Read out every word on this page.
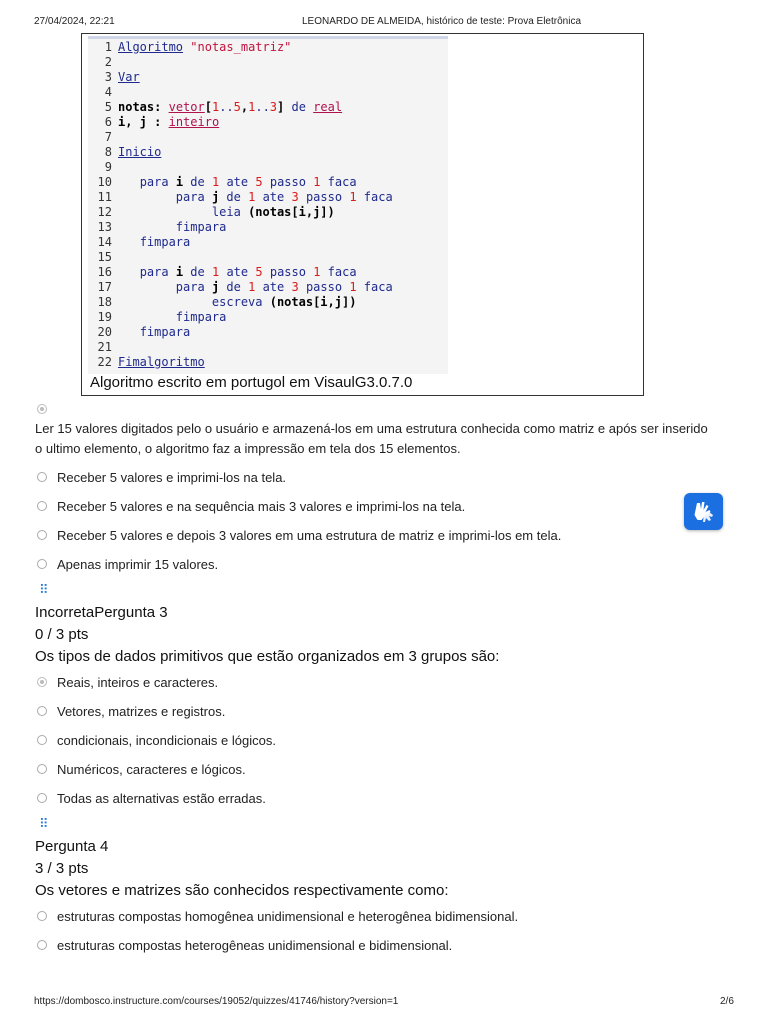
27/04/2024, 22:21	LEONARDO DE ALMEIDA, histórico de teste: Prova Eletrônica
1 Algoritmo "notas_matriz"
2
3 Var
4
5 notas: vetor[1..5,1..3] de real
6 i, j : inteiro
7
8 Inicio
9
10 para i de 1 ate 5 passo 1 faca
11	para j de 1 ate 3 passo 1 faca
12	leia (notas[i,j])
13	fimpara
14 fimpara
15
16 para i de 1 ate 5 passo 1 faca
17	para j de 1 ate 3 passo 1 faca
18	escreva (notas[i,j])
19	fimpara
20 fimpara
21
22 Fimalgoritmo
Algoritmo escrito em portugol em VisaulG3.0.7.0
Ler 15 valores digitados pelo o usuário e armazená-los em uma estrutura conhecida como matriz e após ser inserido o ultimo elemento, o algoritmo faz a impressão em tela dos 15 elementos.
Receber 5 valores e imprimi-los na tela.
Receber 5 valores e na sequência mais 3 valores e imprimi-los na tela.
Receber 5 valores e depois 3 valores em uma estrutura de matriz e imprimi-los em tela.
Apenas imprimir 15 valores.
⠿
IncorretaPergunta 3
0 / 3 pts
Os tipos de dados primitivos que estão organizados em 3 grupos são:
Reais, inteiros e caracteres.
Vetores, matrizes e registros.
condicionais, incondicionais e lógicos.
Numéricos, caracteres e lógicos.
Todas as alternativas estão erradas.
⠿
Pergunta 4
3 / 3 pts
Os vetores e matrizes são conhecidos respectivamente como:
estruturas compostas homogênea unidimensional e heterogênea bidimensional.
estruturas compostas heterogêneas unidimensional e bidimensional.
https://dombosco.instructure.com/courses/19052/quizzes/41746/history?version=1	2/6
